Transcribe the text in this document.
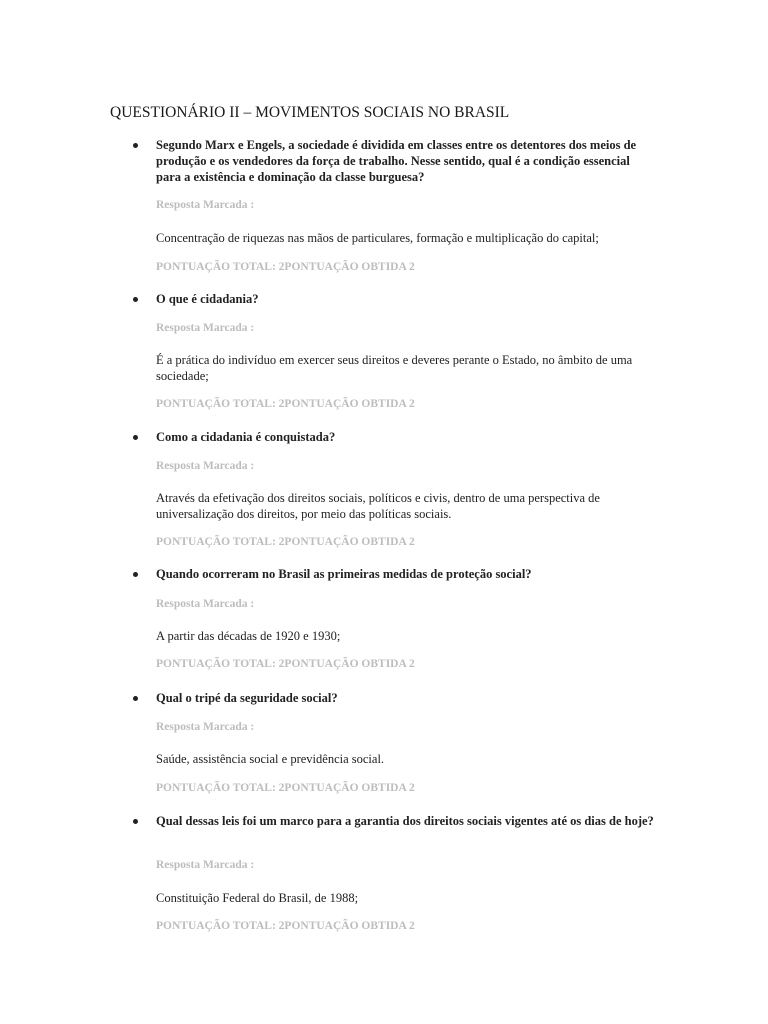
QUESTIONÁRIO II – MOVIMENTOS SOCIAIS NO BRASIL

Segundo Marx e Engels, a sociedade é dividida em classes entre os detentores dos meios de produção e os vendedores da força de trabalho. Nesse sentido, qual é a condição essencial para a existência e dominação da classe burguesa?

Resposta Marcada :

Concentração de riquezas nas mãos de particulares, formação e multiplicação do capital;

PONTUAÇÃO TOTAL: 2PONTUAÇÃO OBTIDA 2

O que é cidadania?

Resposta Marcada :

É a prática do indivíduo em exercer seus direitos e deveres perante o Estado, no âmbito de uma sociedade;

PONTUAÇÃO TOTAL: 2PONTUAÇÃO OBTIDA 2

Como a cidadania é conquistada?

Resposta Marcada :

Através da efetivação dos direitos sociais, políticos e civis, dentro de uma perspectiva de universalização dos direitos, por meio das políticas sociais.

PONTUAÇÃO TOTAL: 2PONTUAÇÃO OBTIDA 2

Quando ocorreram no Brasil as primeiras medidas de proteção social?

Resposta Marcada :

A partir das décadas de 1920 e 1930;

PONTUAÇÃO TOTAL: 2PONTUAÇÃO OBTIDA 2

Qual o tripé da seguridade social?

Resposta Marcada :

Saúde, assistência social e previdência social.

PONTUAÇÃO TOTAL: 2PONTUAÇÃO OBTIDA 2

Qual dessas leis foi um marco para a garantia dos direitos sociais vigentes até os dias de hoje?

Resposta Marcada :

Constituição Federal do Brasil, de 1988;

PONTUAÇÃO TOTAL: 2PONTUAÇÃO OBTIDA 2
